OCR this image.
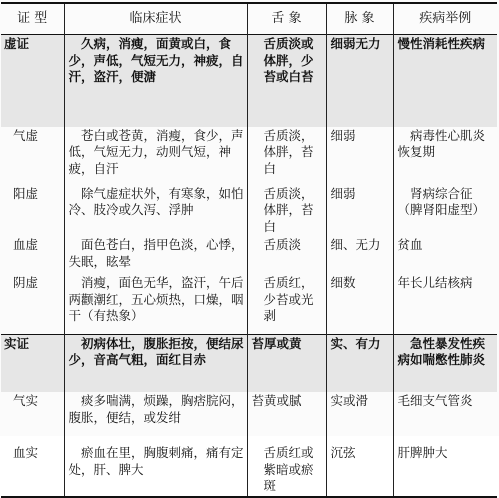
证 型	临床症状	舌 象	脉 象	疾病举例
虚证	久病，消瘦，面黄或白，食少，声低，气短无力，神疲，自汗，盗汗，便溏	舌质淡或体胖，少苔或白苔	细弱无力	慢性消耗性疾病
气虚	苍白或苍黄，消瘦，食少，声低，气短无力，动则气短，神疲，自汗	舌质淡，体胖，苔白	细弱	病毒性心肌炎恢复期
阳虚	除气虚症状外，有寒象，如怕冷、肢冷或久泻、浮肿	舌质淡，体胖，苔白	细弱	肾病综合征（脾肾阳虚型）
血虚	面色苍白，指甲色淡，心悸，失眠，眩晕	舌质淡	细、无力	贫血
阴虚	消瘦，面色无华，盗汗，午后两颧潮红，五心烦热，口燥，咽干（有热象）	舌质红，少苔或光剥	细数	年长儿结核病
实证	初病体壮，腹胀拒按，便结尿少，音高气粗，面红目赤	苔厚或黄	实、有力	急性暴发性疾病如喘憋性肺炎
气实	痰多喘满，烦躁，胸痞脘闷，腹胀，便结，或发绀	苔黄或腻	实或滑	毛细支气管炎
血实	瘀血在里，胸腹刺痛，痛有定处，肝、脾大	舌质红或紫暗或瘀斑	沉弦	肝脾肿大
